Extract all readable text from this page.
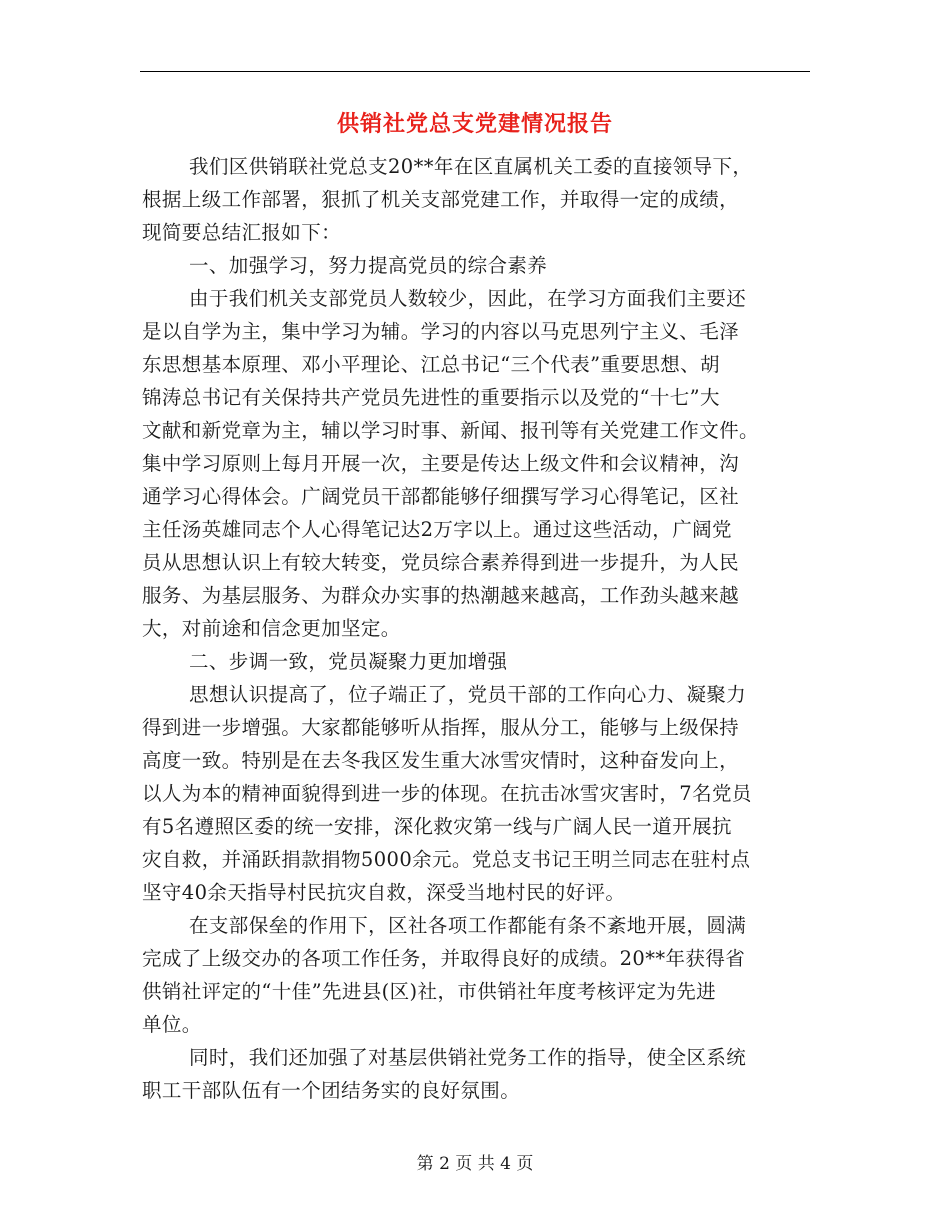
供销社党总支党建情况报告
我们区供销联社党总支20**年在区直属机关工委的直接领导下，
根据上级工作部署，狠抓了机关支部党建工作，并取得一定的成绩，
现简要总结汇报如下：
一、加强学习，努力提高党员的综合素养
由于我们机关支部党员人数较少，因此，在学习方面我们主要还
是以自学为主，集中学习为辅。学习的内容以马克思列宁主义、毛泽
东思想基本原理、邓小平理论、江总书记“三个代表”重要思想、胡
锦涛总书记有关保持共产党员先进性的重要指示以及党的“十七”大
文献和新党章为主，辅以学习时事、新闻、报刊等有关党建工作文件。
集中学习原则上每月开展一次，主要是传达上级文件和会议精神，沟
通学习心得体会。广阔党员干部都能够仔细撰写学习心得笔记，区社
主任汤英雄同志个人心得笔记达2万字以上。通过这些活动，广阔党
员从思想认识上有较大转变，党员综合素养得到进一步提升，为人民
服务、为基层服务、为群众办实事的热潮越来越高，工作劲头越来越
大，对前途和信念更加坚定。
二、步调一致，党员凝聚力更加增强
思想认识提高了，位子端正了，党员干部的工作向心力、凝聚力
得到进一步增强。大家都能够听从指挥，服从分工，能够与上级保持
高度一致。特别是在去冬我区发生重大冰雪灾情时，这种奋发向上，
以人为本的精神面貌得到进一步的体现。在抗击冰雪灾害时，7名党员
有5名遵照区委的统一安排，深化救灾第一线与广阔人民一道开展抗
灾自救，并涌跃捐款捐物5000余元。党总支书记王明兰同志在驻村点
坚守40余天指导村民抗灾自救，深受当地村民的好评。
在支部保垒的作用下，区社各项工作都能有条不紊地开展，圆满
完成了上级交办的各项工作任务，并取得良好的成绩。20**年获得省
供销社评定的“十佳”先进县(区)社，市供销社年度考核评定为先进
单位。
同时，我们还加强了对基层供销社党务工作的指导，使全区系统
职工干部队伍有一个团结务实的良好氛围。
第 2 页 共 4 页
